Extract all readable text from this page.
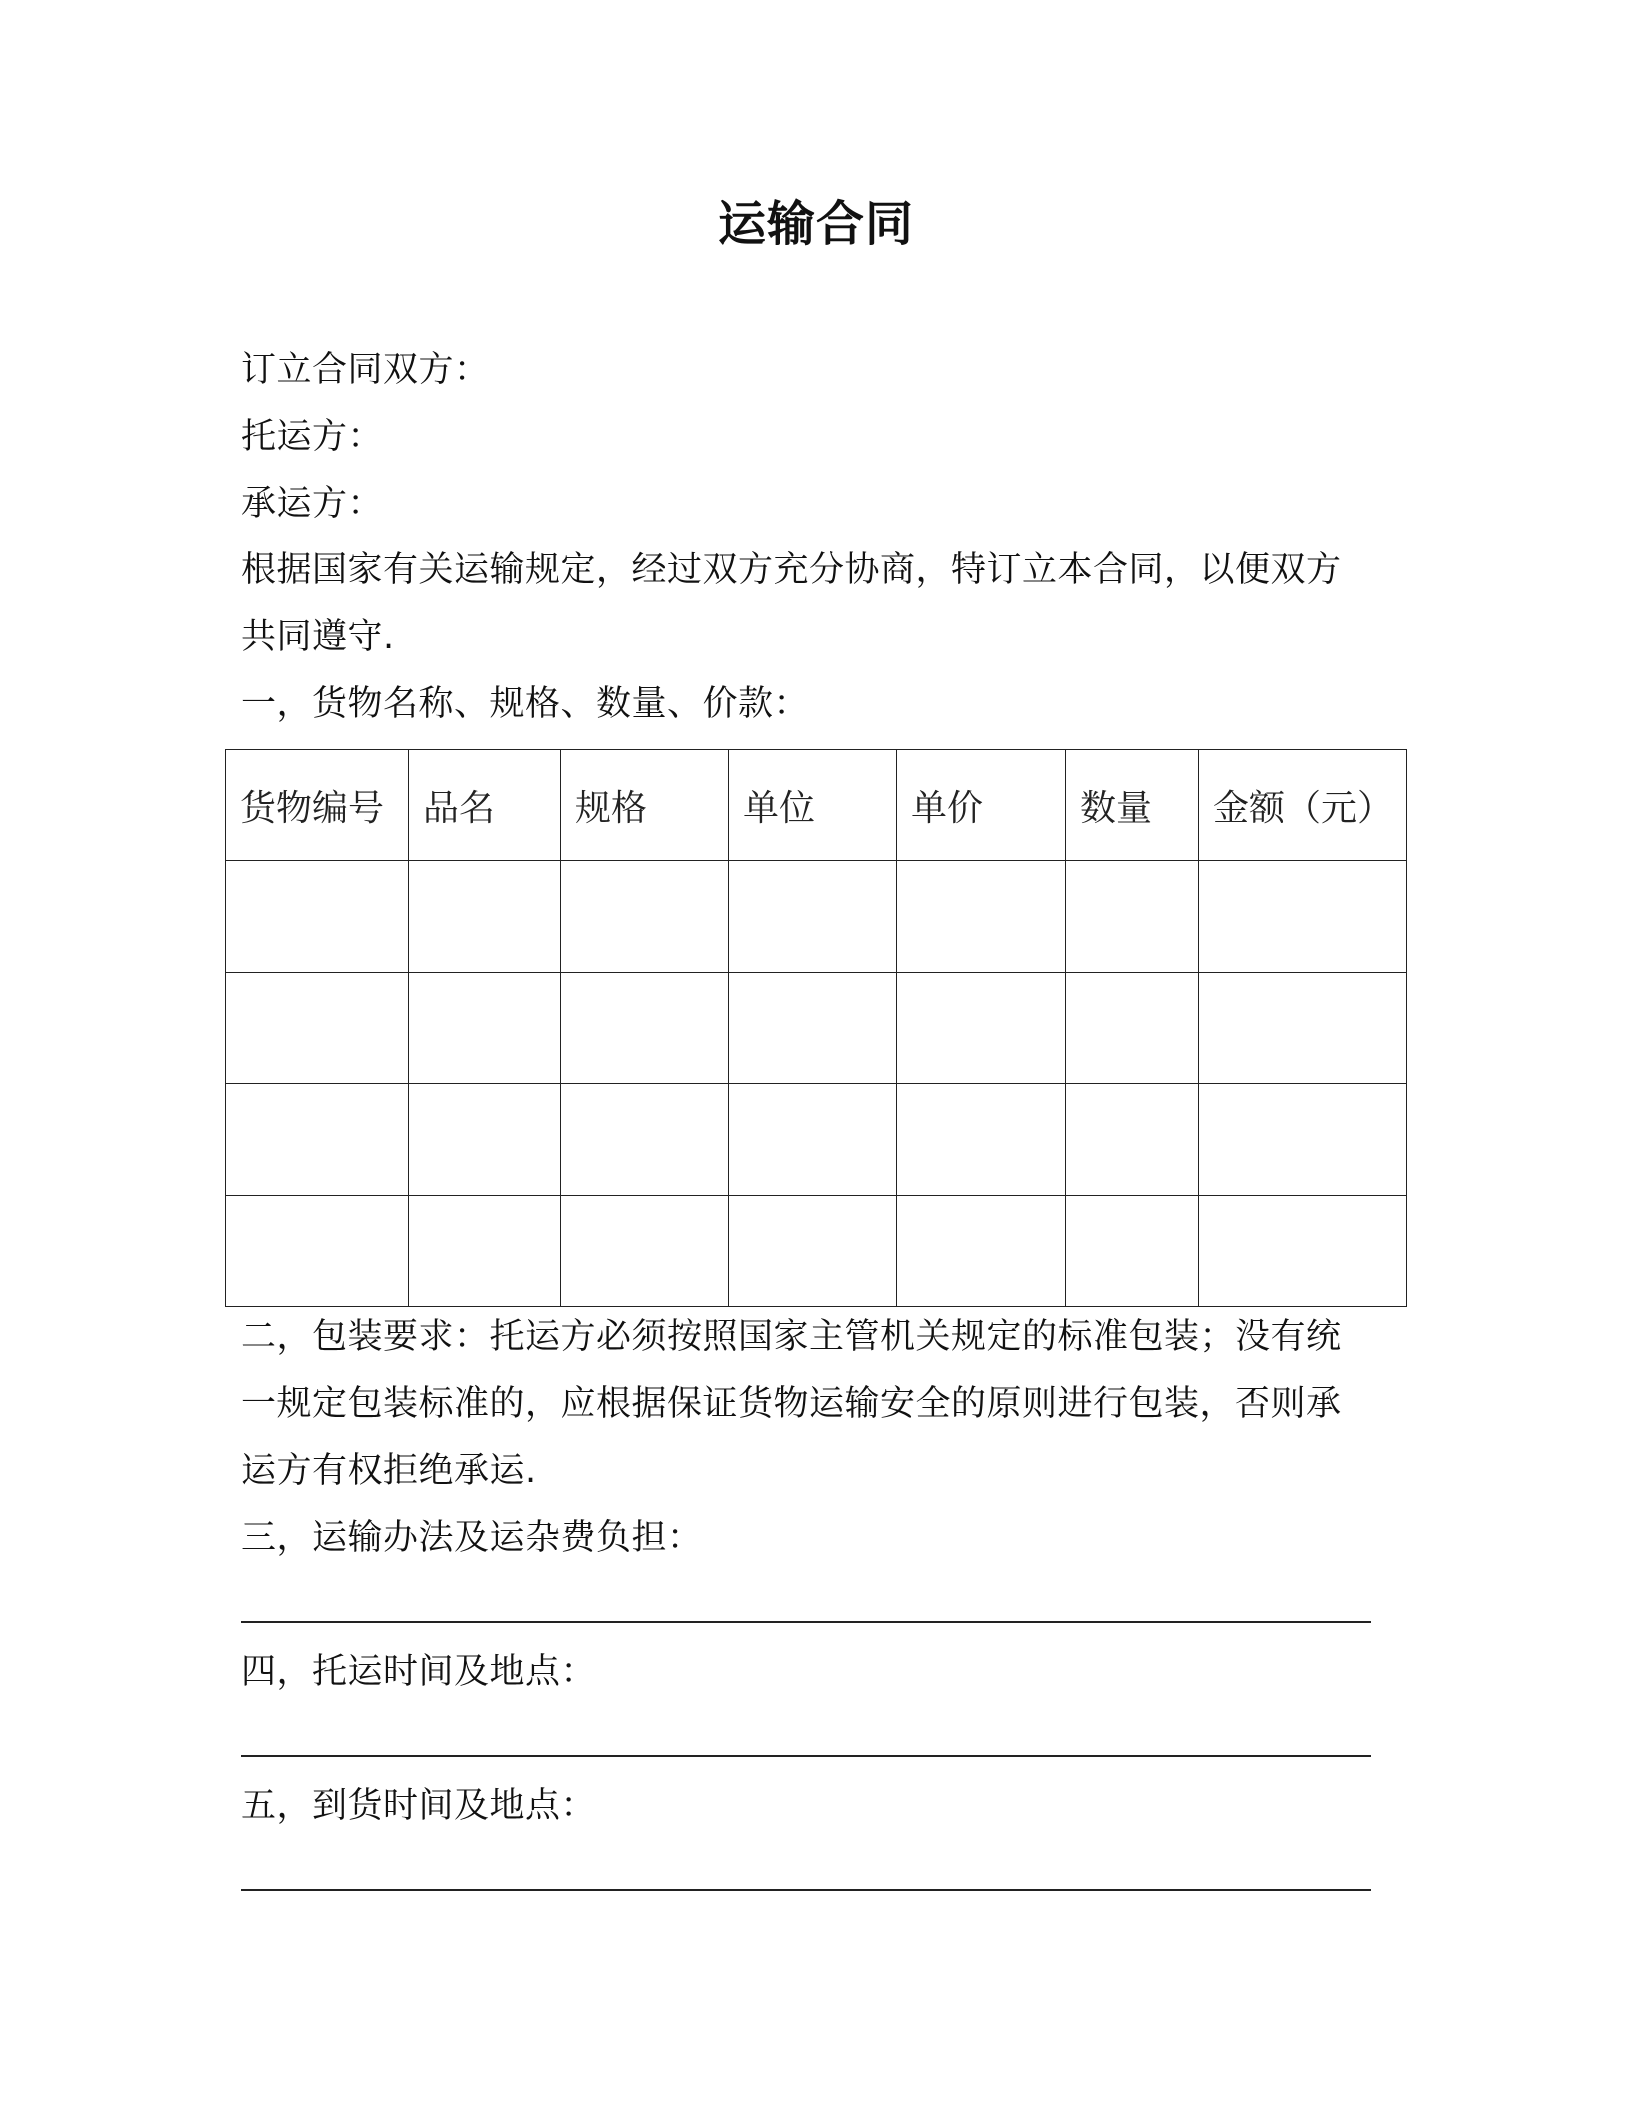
运输合同
订立合同双方：
托运方：
承运方：
根据国家有关运输规定，经过双方充分协商，特订立本合同，以便双方
共同遵守.
一，货物名称、规格、数量、价款：
货物编号	品名	规格	单位	单价	数量	金额（元）

二，包装要求：托运方必须按照国家主管机关规定的标准包装；没有统
一规定包装标准的，应根据保证货物运输安全的原则进行包装，否则承
运方有权拒绝承运.
三，运输办法及运杂费负担：
四，托运时间及地点：
五，到货时间及地点：
